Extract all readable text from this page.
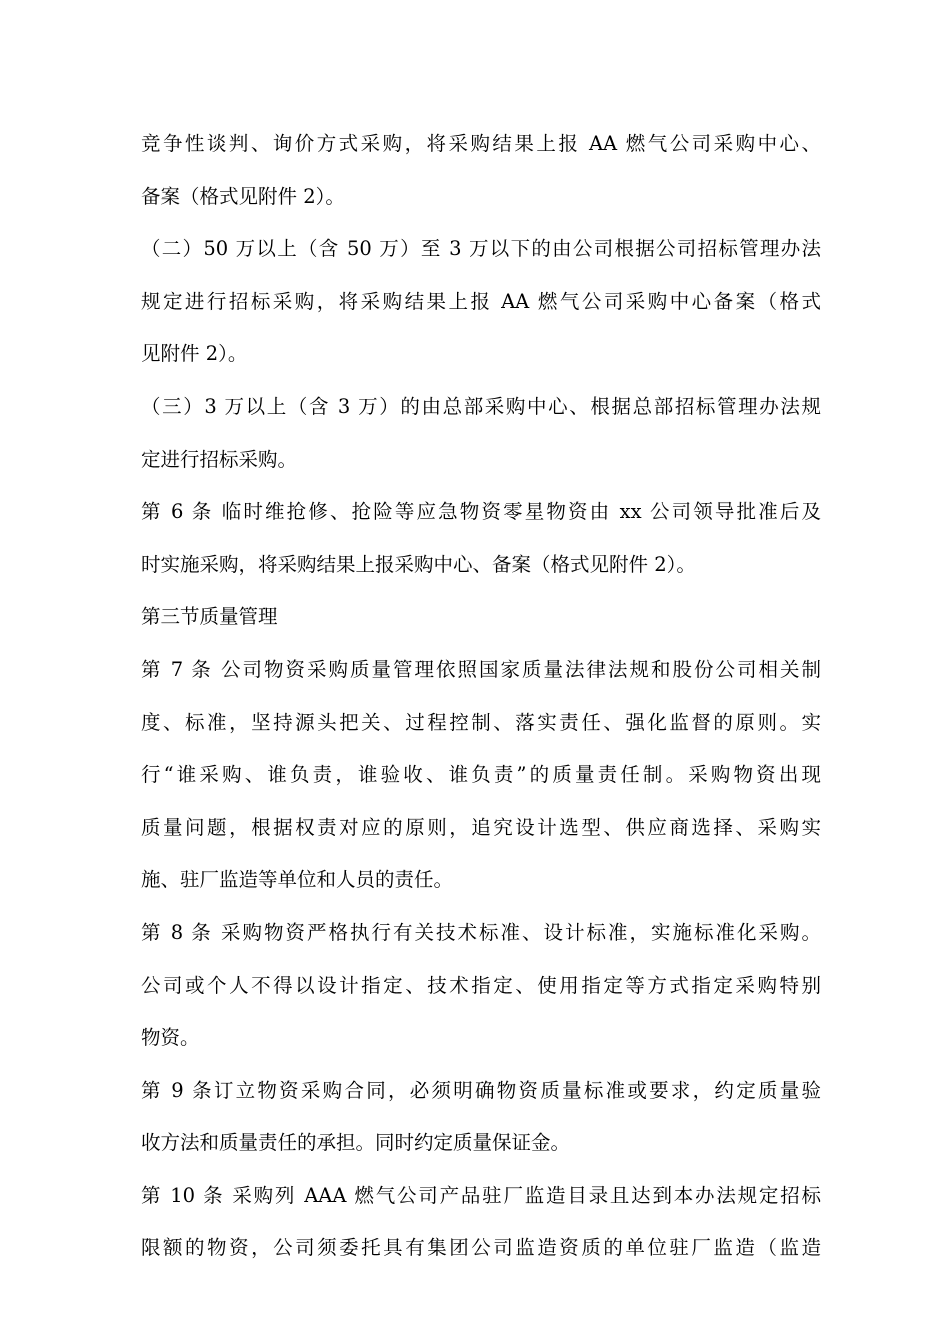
竞争性谈判、询价方式采购，将采购结果上报 AA 燃气公司采购中心、
备案（格式见附件 2）。
（二）50 万以上（含 50 万）至 3 万以下的由公司根据公司招标管理办法
规定进行招标采购，将采购结果上报 AA 燃气公司采购中心备案（格式
见附件 2）。
（三）3 万以上（含 3 万）的由总部采购中心、根据总部招标管理办法规
定进行招标采购。
第 6 条 临时维抢修、抢险等应急物资零星物资由 xx 公司领导批准后及
时实施采购，将采购结果上报采购中心、备案（格式见附件 2）。
第三节质量管理
第 7 条 公司物资采购质量管理依照国家质量法律法规和股份公司相关制
度、标准，坚持源头把关、过程控制、落实责任、强化监督的原则。实
行“谁采购、谁负责，谁验收、谁负责”的质量责任制。采购物资出现
质量问题，根据权责对应的原则，追究设计选型、供应商选择、采购实
施、驻厂监造等单位和人员的责任。
第 8 条 采购物资严格执行有关技术标准、设计标准，实施标准化采购。
公司或个人不得以设计指定、技术指定、使用指定等方式指定采购特别
物资。
第 9 条订立物资采购合同，必须明确物资质量标准或要求，约定质量验
收方法和质量责任的承担。同时约定质量保证金。
第 10 条 采购列 AAA 燃气公司产品驻厂监造目录且达到本办法规定招标
限额的物资，公司须委托具有集团公司监造资质的单位驻厂监造（监造
